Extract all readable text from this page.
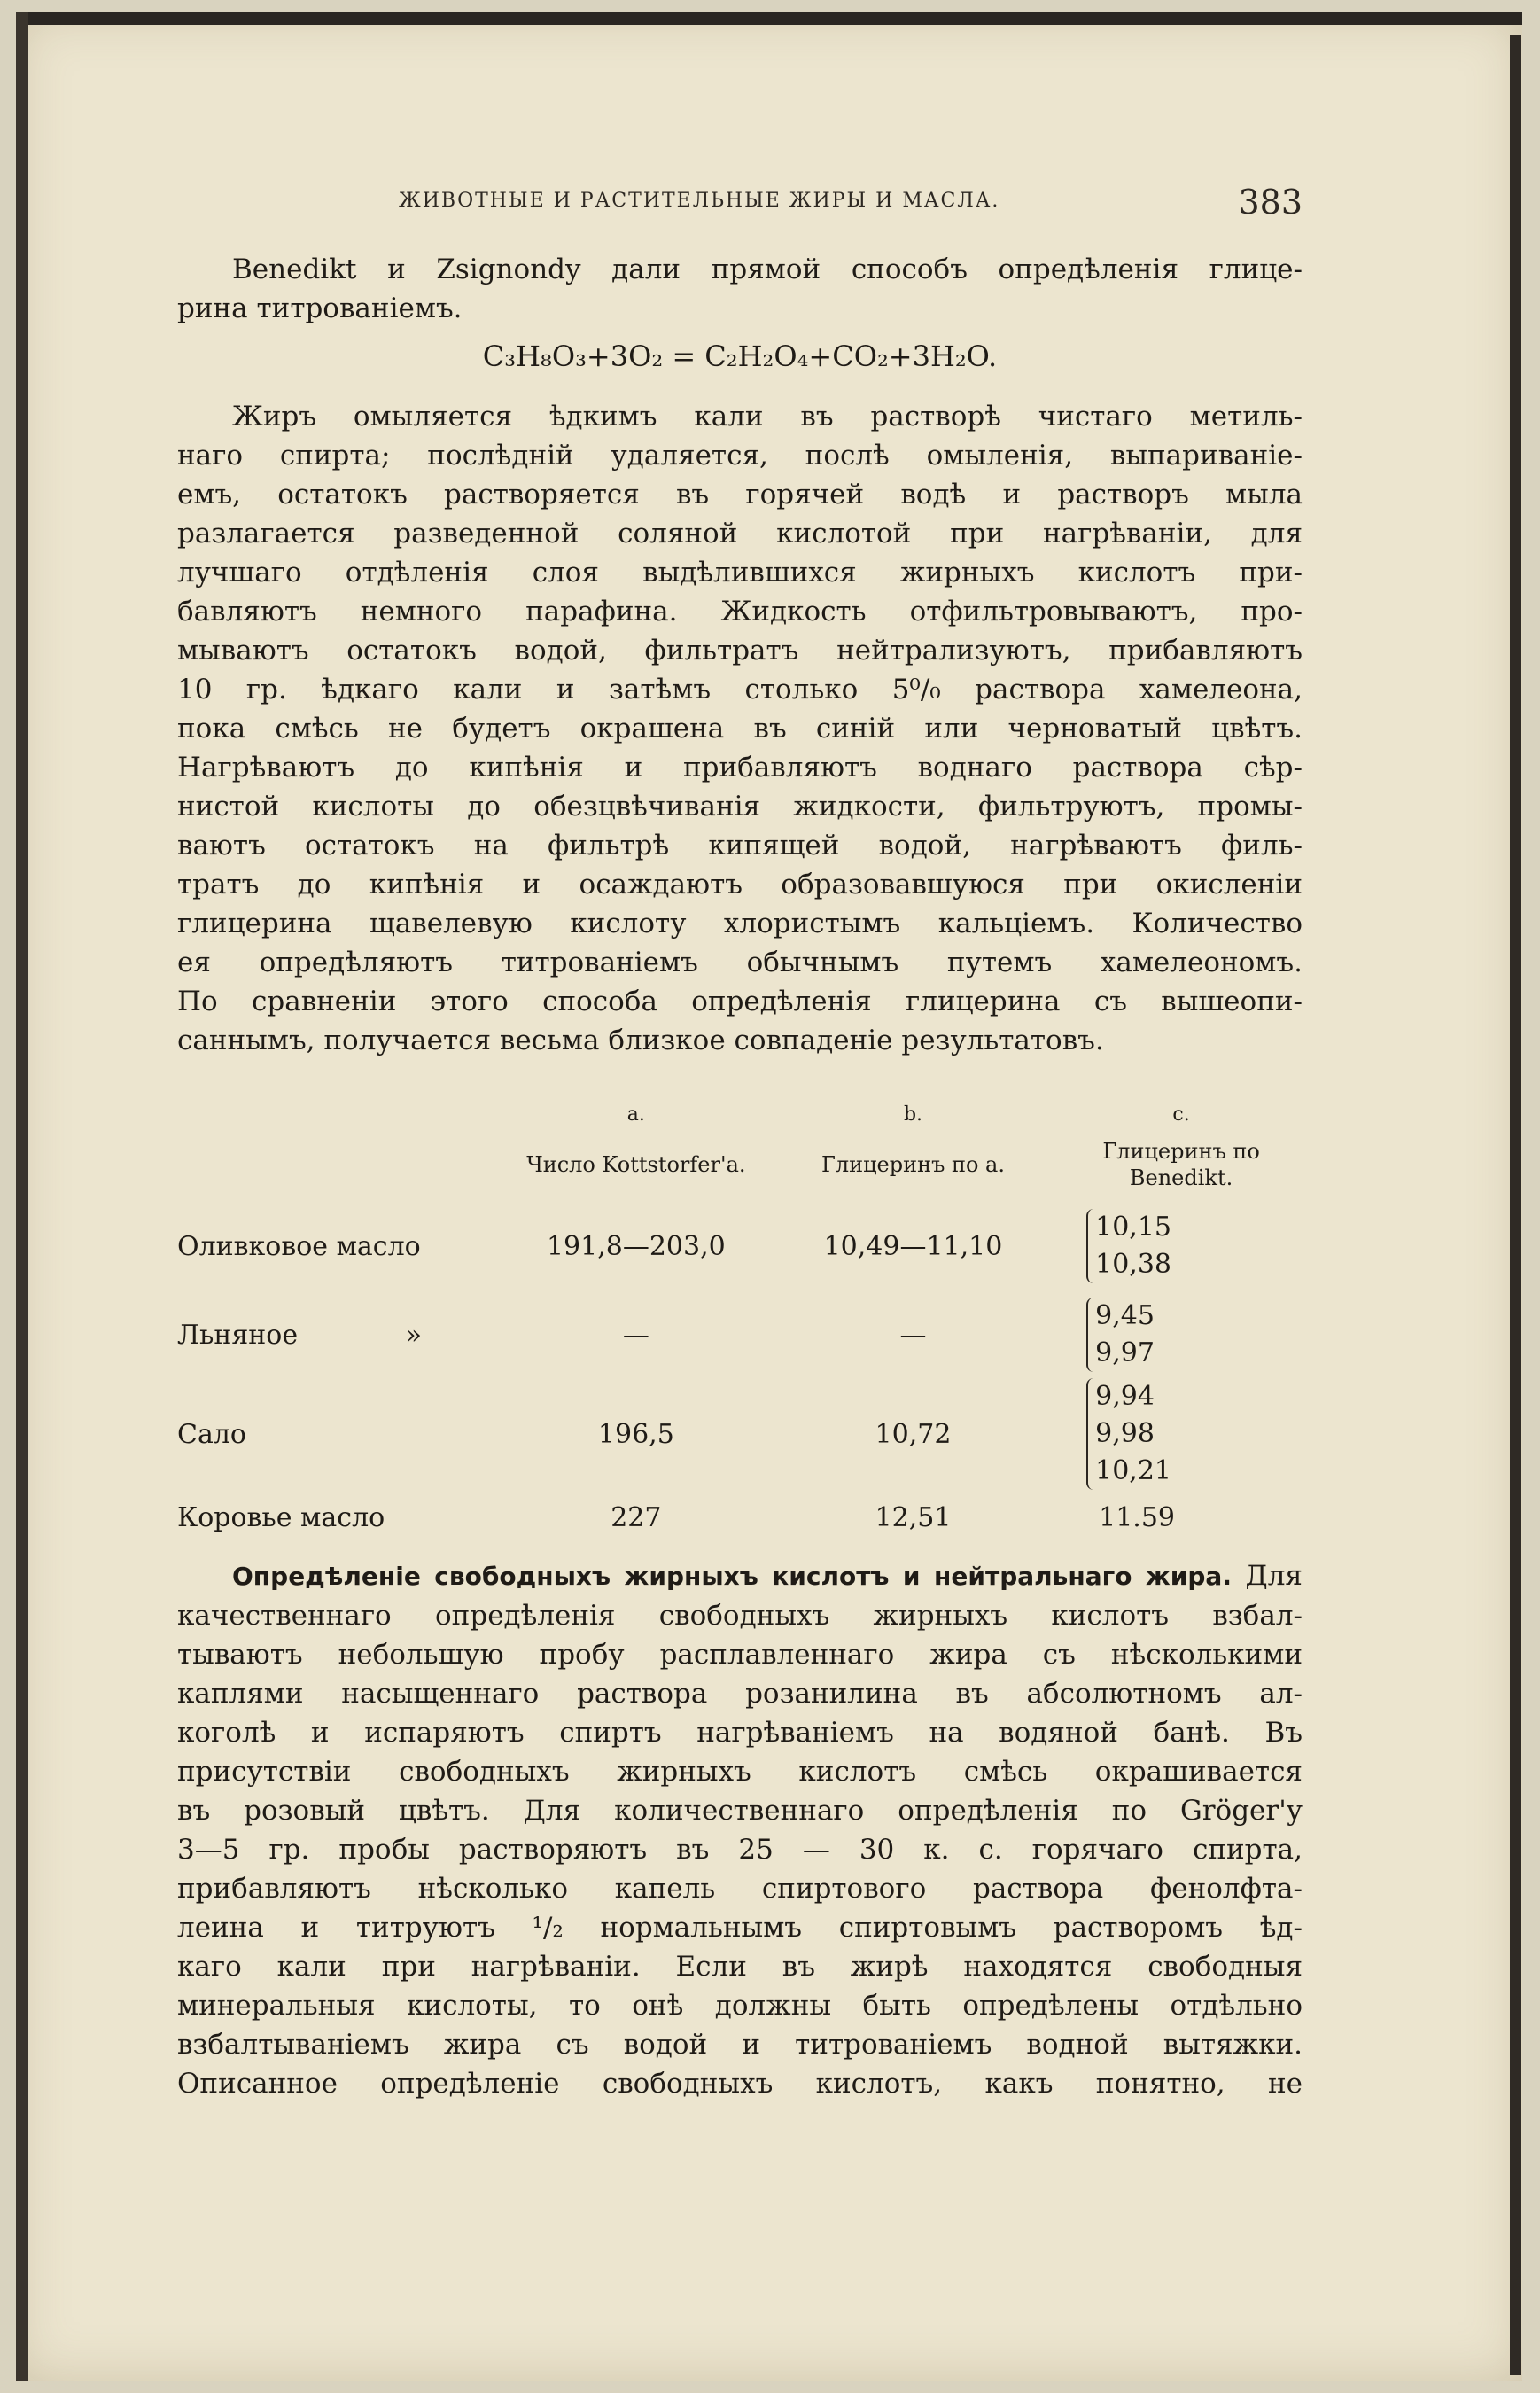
ЖИВОТНЫЕ И РАСТИТЕЛЬНЫЕ ЖИРЫ И МАСЛА.	383

Benedikt и Zsignondy дали прямой способъ опредѣленія глице-

рина титрованіемъ.

C₃H₈O₃+3O₂ = C₂H₂O₄+CO₂+3H₂O.

Жиръ омыляется ѣдкимъ кали въ растворѣ чистаго метиль-

наго спирта; послѣдній удаляется, послѣ омыленія, выпариваніе-

емъ, остатокъ растворяется въ горячей водѣ и растворъ мыла

разлагается разведенной соляной кислотой при нагрѣваніи, для

лучшаго отдѣленія слоя выдѣлившихся жирныхъ кислотъ при-

бавляютъ немного парафина. Жидкость отфильтровываютъ, про-

мываютъ остатокъ водой, фильтратъ нейтрализуютъ, прибавляютъ

10 гр. ѣдкаго кали и затѣмъ столько 5⁰/₀ раствора хамелеона,

пока смѣсь не будетъ окрашена въ синій или черноватый цвѣтъ.

Нагрѣваютъ до кипѣнія и прибавляютъ воднаго раствора сѣр-

нистой кислоты до обезцвѣчиванія жидкости, фильтруютъ, промы-

ваютъ остатокъ на фильтрѣ кипящей водой, нагрѣваютъ филь-

тратъ до кипѣнія и осаждаютъ образовавшуюся при окисленіи

глицерина щавелевую кислоту хлористымъ кальціемъ. Количество

ея опредѣляютъ титрованіемъ обычнымъ путемъ хамелеономъ.

По сравненіи этого способа опредѣленія глицерина съ вышеопи-

саннымъ, получается весьма близкое совпаденіе результатовъ.

	a.	b.	c.
	Число Kottstorfer'a.	Глицеринъ по a.	Глицеринъ по
Benedikt.

Оливковое масло	191,8—203,0	10,49—11,10	10,15
10,38

Льняное »	—	—	9,45
9,97

Сало	196,5	10,72	9,94
9,98
10,21

Коровье масло	227	12,51	11.59

Опредѣленіе свободныхъ жирныхъ кислотъ и нейтральнаго жира. Для

качественнаго опредѣленія свободныхъ жирныхъ кислотъ взбал-

тываютъ небольшую пробу расплавленнаго жира съ нѣсколькими

каплями насыщеннаго раствора розанилина въ абсолютномъ ал-

коголѣ и испаряютъ спиртъ нагрѣваніемъ на водяной банѣ. Въ

присутствіи свободныхъ жирныхъ кислотъ смѣсь окрашивается

въ розовый цвѣтъ. Для количественнаго опредѣленія по Gröger'у

3—5 гр. пробы растворяютъ въ 25 — 30 к. с. горячаго спирта,

прибавляютъ нѣсколько капель спиртового раствора фенолфта-

леина и титруютъ ¹/₂ нормальнымъ спиртовымъ растворомъ ѣд-

каго кали при нагрѣваніи. Если въ жирѣ находятся свободныя

минеральныя кислоты, то онѣ должны быть опредѣлены отдѣльно

взбалтываніемъ жира съ водой и титрованіемъ водной вытяжки.

Описанное опредѣленіе свободныхъ кислотъ, какъ понятно, не
